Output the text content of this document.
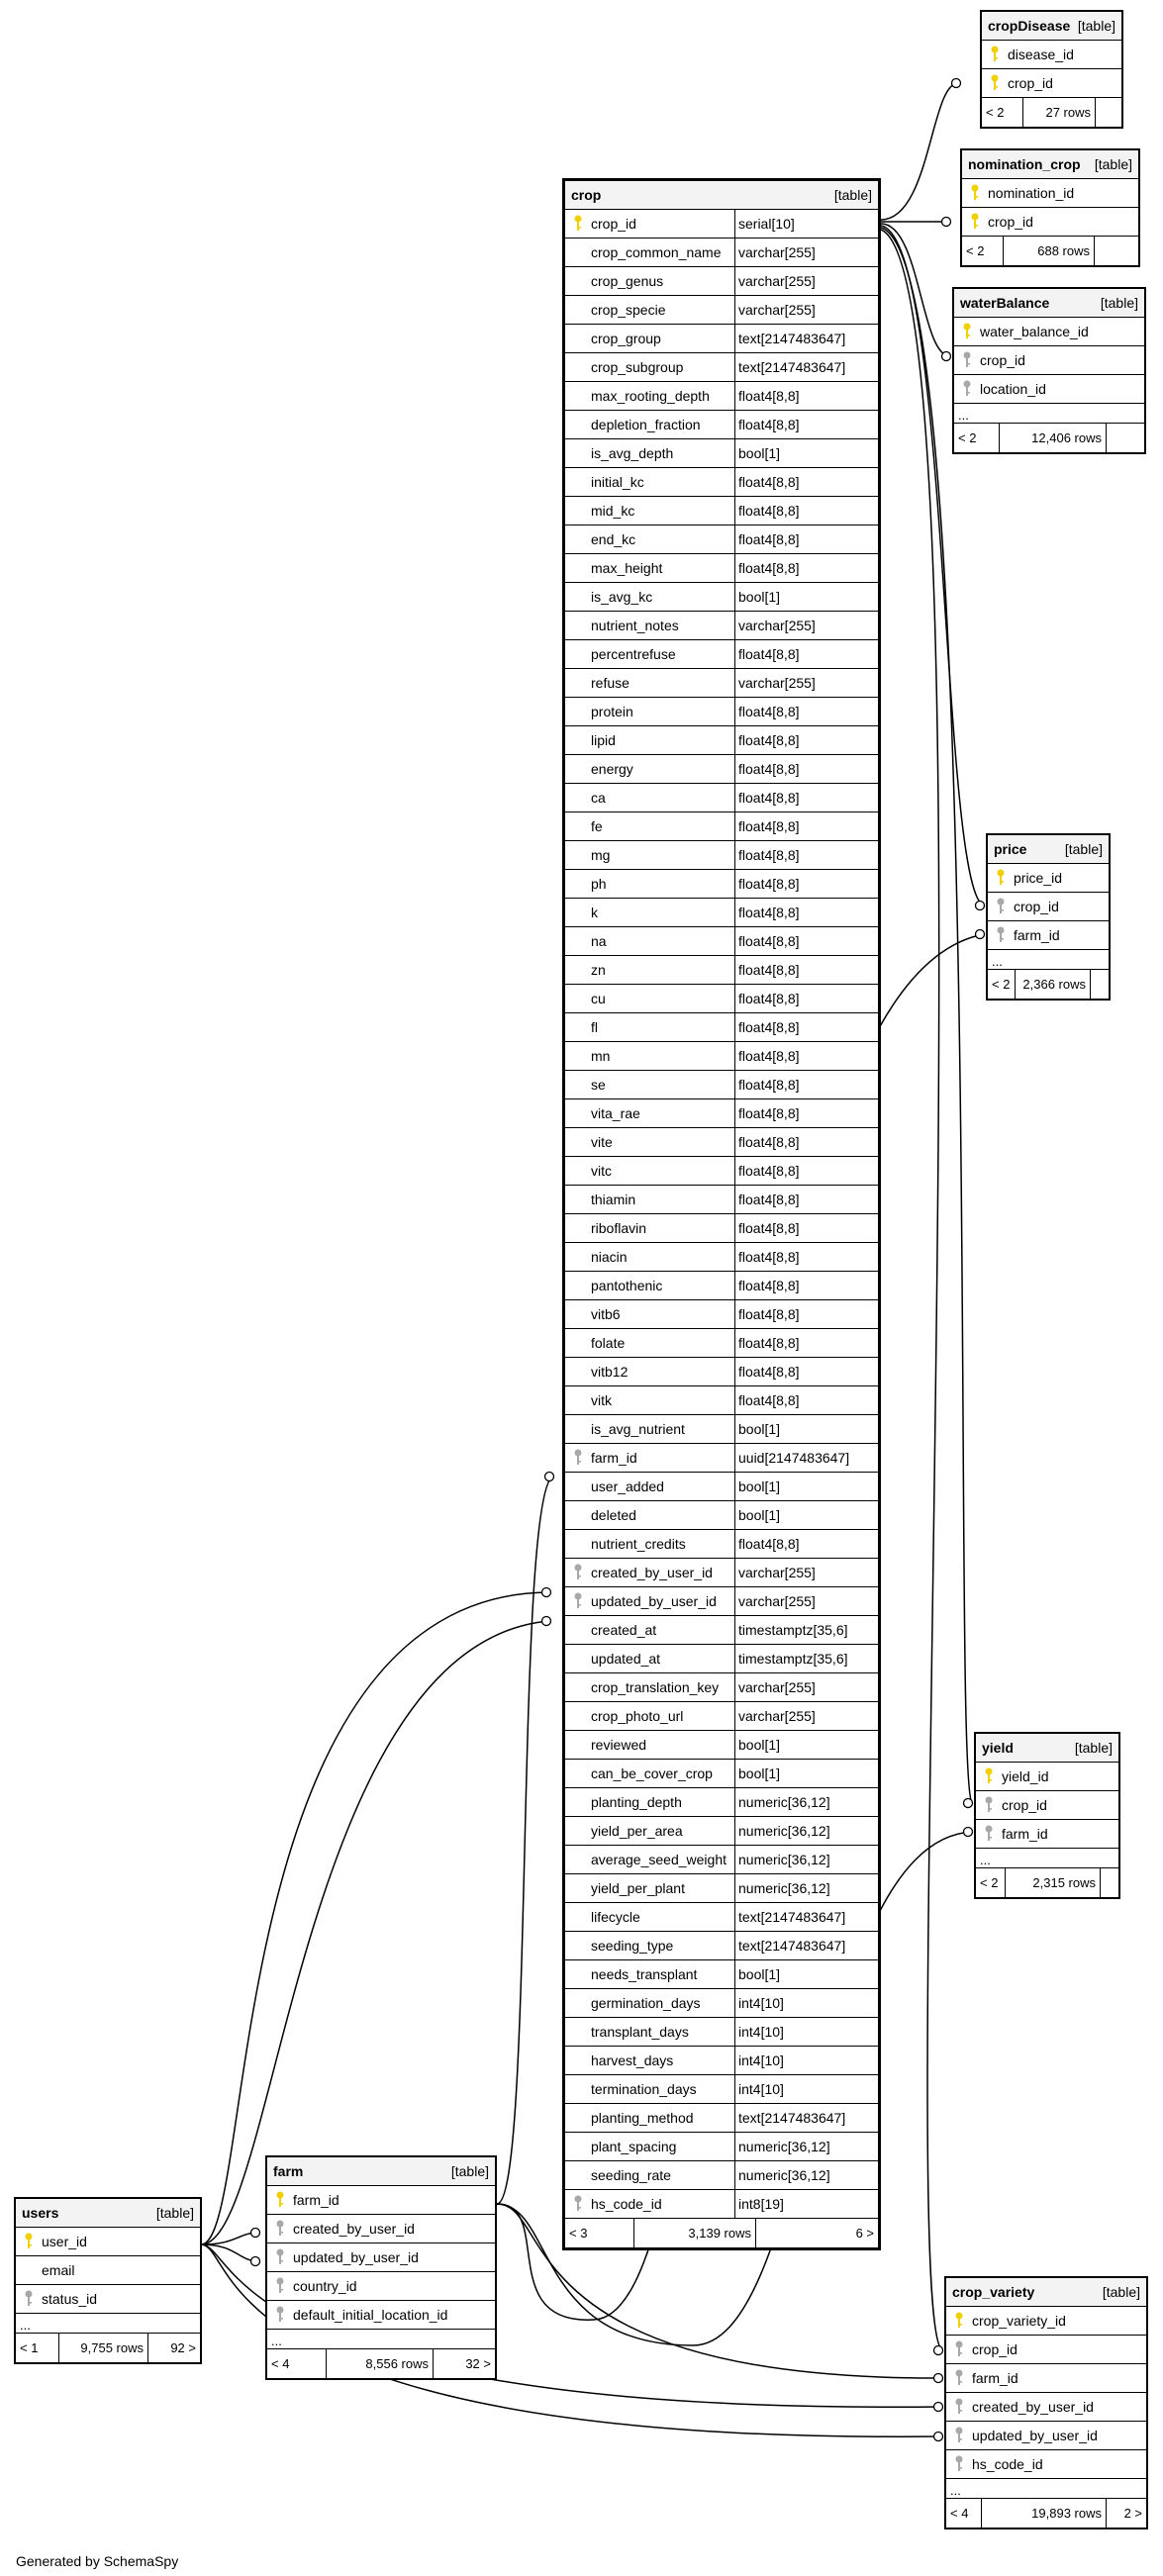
cropDisease [table]
disease_id
crop_id
< 2	27 rows
nomination_crop [table]
nomination_id
crop_id
< 2	688 rows
waterBalance	[table]
water_balance_id
crop_id
location_id
...
< 2	12,406 rows
price	[table]
price_id
crop_id
farm_id
...
< 2 2,366 rows
yield	[table]
yield_id
crop_id
farm_id
...
< 2	2,315 rows
crop_variety	[table]
crop_variety_id
crop_id
farm_id
created_by_user_id
updated_by_user_id
hs_code_id
...
< 4	19,893 rows	2 >
users	[table]
user_id
email
status_id
...
< 1	9,755 rows	92 >
farm	[table]
farm_id
created_by_user_id
updated_by_user_id
country_id
default_initial_location_id
...
< 4	8,556 rows	32 >
crop	[table]
crop_id	serial[10]
crop_common_name varchar[255]
crop_genus	varchar[255]
crop_specie	varchar[255]
crop_group	text[2147483647]
crop_subgroup	text[2147483647]
max_rooting_depth float4[8,8]
depletion_fraction	float4[8,8]
is_avg_depth	bool[1]
initial_kc	float4[8,8]
mid_kc	float4[8,8]
end_kc	float4[8,8]
max_height	float4[8,8]
is_avg_kc	bool[1]
nutrient_notes	varchar[255]
percentrefuse	float4[8,8]
refuse	varchar[255]
protein	float4[8,8]
lipid	float4[8,8]
energy	float4[8,8]
ca	float4[8,8]
fe	float4[8,8]
mg	float4[8,8]
ph	float4[8,8]
k	float4[8,8]
na	float4[8,8]
zn	float4[8,8]
cu	float4[8,8]
fl	float4[8,8]
mn	float4[8,8]
se	float4[8,8]
vita_rae	float4[8,8]
vite	float4[8,8]
vitc	float4[8,8]
thiamin	float4[8,8]
riboflavin	float4[8,8]
niacin	float4[8,8]
pantothenic	float4[8,8]
vitb6	float4[8,8]
folate	float4[8,8]
vitb12	float4[8,8]
vitk	float4[8,8]
is_avg_nutrient	bool[1]
farm_id	uuid[2147483647]
user_added	bool[1]
deleted	bool[1]
nutrient_credits	float4[8,8]
created_by_user_id varchar[255]
updated_by_user_id varchar[255]
created_at	timestamptz[35,6]
updated_at	timestamptz[35,6]
crop_translation_key varchar[255]
crop_photo_url	varchar[255]
reviewed	bool[1]
can_be_cover_crop bool[1]
planting_depth	numeric[36,12]
yield_per_area	numeric[36,12]
average_seed_weight numeric[36,12]
yield_per_plant	numeric[36,12]
lifecycle	text[2147483647]
seeding_type	text[2147483647]
needs_transplant	bool[1]
germination_days	int4[10]
transplant_days	int4[10]
harvest_days	int4[10]
termination_days	int4[10]
planting_method	text[2147483647]
plant_spacing	numeric[36,12]
seeding_rate	numeric[36,12]
hs_code_id	int8[19]
< 3	3,139 rows	6 >
Generated by SchemaSpy
